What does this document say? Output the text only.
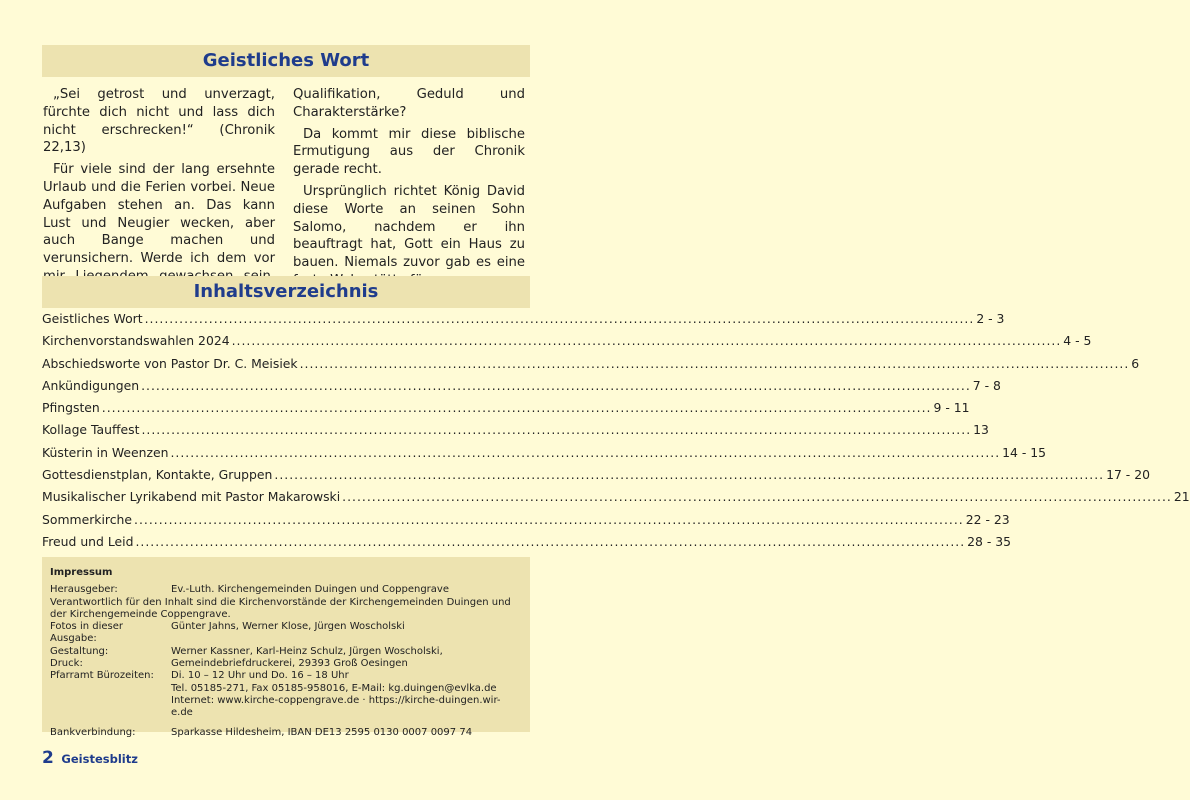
Geistliches Wort

„Sei getrost und unverzagt, fürchte dich nicht und lass dich nicht erschrecken!“ (Chronik 22,13)

Für viele sind der lang ersehnte Urlaub und die Ferien vorbei. Neue Aufgaben stehen an. Das kann Lust und Neugier wecken, aber auch Bange machen und verunsichern. Werde ich dem vor

Qualifikation, Geduld und Charakterstärke?

Da kommt mir diese biblische Ermutigung aus der Chronik gerade recht.

Ursprünglich richtet König David diese Worte an seinen Sohn Salomo, nachdem er ihn beauftragt hat, Gott ein Haus zu bauen. Niemals zuvor gab es eine

Inhaltsverzeichnis
Geistliches Wort .....	2 - 3
Kirchenvorstandswahlen 2024 .....	4 - 5
Abschiedsworte von Pastor Dr. C. Meisiek .....	6
Ankündigungen .....	7 - 8
Pfingsten .....	9 - 11
Kollage Tauffest .....	13
Küsterin in Weenzen .....	14 - 15
Gottesdienstplan, Kontakte, Gruppen .....	17 - 20
Musikalischer Lyrikabend mit Pastor Makarowski .....	21
Sommerkirche .....	22 - 23
Freud und Leid .....	28 - 35
Impressum
Herausgeber:	Ev.-Luth. Kirchengemeinden Duingen und Coppengrave
Verantwortlich für den Inhalt sind die Kirchenvorstände der Kirchengemeinden Duingen und der Kirchengemeinde Coppengrave.
Fotos in dieser Ausgabe:
Günter Jahns, Werner Klose, Jürgen Woscholski
Gestaltung:	Werner Kassner, Karl-Heinz Schulz, Jürgen Woscholski,
Druck:	Gemeindebriefdruckerei, 29393 Groß Oesingen
Pfarramt Bürozeiten:	Di. 10 – 12 Uhr und Do. 16 – 18 Uhr
Tel. 05185-271, Fax 05185-958016, E-Mail: kg.duingen@evlka.de
Internet: www.kirche-coppengrave.de · https://kirche-duingen.wir-e.de
Bankverbindung:	Sparkasse Hildesheim, IBAN DE13 2595 0130 0007 0097 74
2 Geistesblitz
